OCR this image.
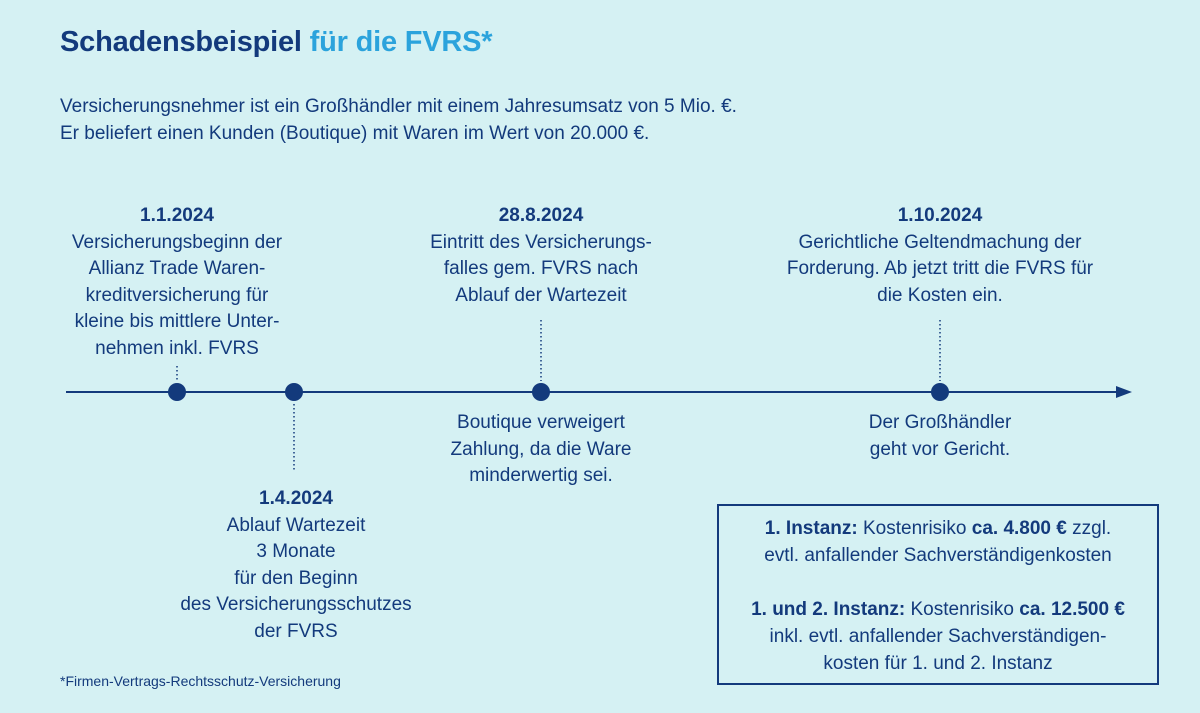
Schadensbeispiel für die FVRS*
Versicherungsnehmer ist ein Großhändler mit einem Jahresumsatz von 5 Mio. €.
Er beliefert einen Kunden (Boutique) mit Waren im Wert von 20.000 €.
1.1.2024
Versicherungsbeginn der
Allianz Trade Waren-
kreditversicherung für
kleine bis mittlere Unter-
nehmen inkl. FVRS
1.4.2024
Ablauf Wartezeit
3 Monate
für den Beginn
des Versicherungsschutzes
der FVRS
28.8.2024
Eintritt des Versicherungs-
falles gem. FVRS nach
Ablauf der Wartezeit
Boutique verweigert
Zahlung, da die Ware
minderwertig sei.
1.10.2024
Gerichtliche Geltendmachung der
Forderung. Ab jetzt tritt die FVRS für
die Kosten ein.
Der Großhändler
geht vor Gericht.
1. Instanz: Kostenrisiko ca. 4.800 € zzgl.
evtl. anfallender Sachverständigenkosten
1. und 2. Instanz: Kostenrisiko ca. 12.500 €
inkl. evtl. anfallender Sachverständigen-
kosten für 1. und 2. Instanz
*Firmen-Vertrags-Rechtsschutz-Versicherung
